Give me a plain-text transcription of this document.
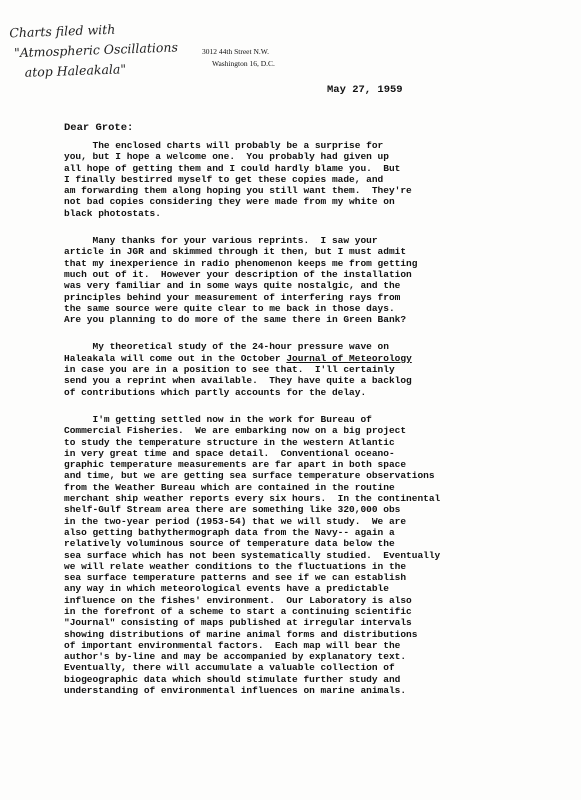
Charts filed with
"Atmospheric Oscillations
atop Haleakala"
3012 44th Street N.W.
Washington 16, D.C.
May 27, 1959
Dear Grote:
The enclosed charts will probably be a surprise for
you, but I hope a welcome one.  You probably had given up
all hope of getting them and I could hardly blame you.  But
I finally bestirred myself to get these copies made, and
am forwarding them along hoping you still want them.  They're
not bad copies considering they were made from my white on
black photostats.
Many thanks for your various reprints.  I saw your
article in JGR and skimmed through it then, but I must admit
that my inexperience in radio phenomenon keeps me from getting
much out of it.  However your description of the installation
was very familiar and in some ways quite nostalgic, and the
principles behind your measurement of interfering rays from
the same source were quite clear to me back in those days.
Are you planning to do more of the same there in Green Bank?
My theoretical study of the 24-hour pressure wave on
Haleakala will come out in the October Journal of Meteorology
in case you are in a position to see that.  I'll certainly
send you a reprint when available.  They have quite a backlog
of contributions which partly accounts for the delay.
I'm getting settled now in the work for Bureau of
Commercial Fisheries.  We are embarking now on a big project
to study the temperature structure in the western Atlantic
in very great time and space detail.  Conventional oceano-
graphic temperature measurements are far apart in both space
and time, but we are getting sea surface temperature observations
from the Weather Bureau which are contained in the routine
merchant ship weather reports every six hours.  In the continental
shelf-Gulf Stream area there are something like 320,000 obs
in the two-year period (1953-54) that we will study.  We are
also getting bathythermograph data from the Navy-- again a
relatively voluminous source of temperature data below the
sea surface which has not been systematically studied.  Eventually
we will relate weather conditions to the fluctuations in the
sea surface temperature patterns and see if we can establish
any way in which meteorological events have a predictable
influence on the fishes' environment.  Our Laboratory is also
in the forefront of a scheme to start a continuing scientific
"Journal" consisting of maps published at irregular intervals
showing distributions of marine animal forms and distributions
of important environmental factors.  Each map will bear the
author's by-line and may be accompanied by explanatory text.
Eventually, there will accumulate a valuable collection of
biogeographic data which should stimulate further study and
understanding of environmental influences on marine animals.
